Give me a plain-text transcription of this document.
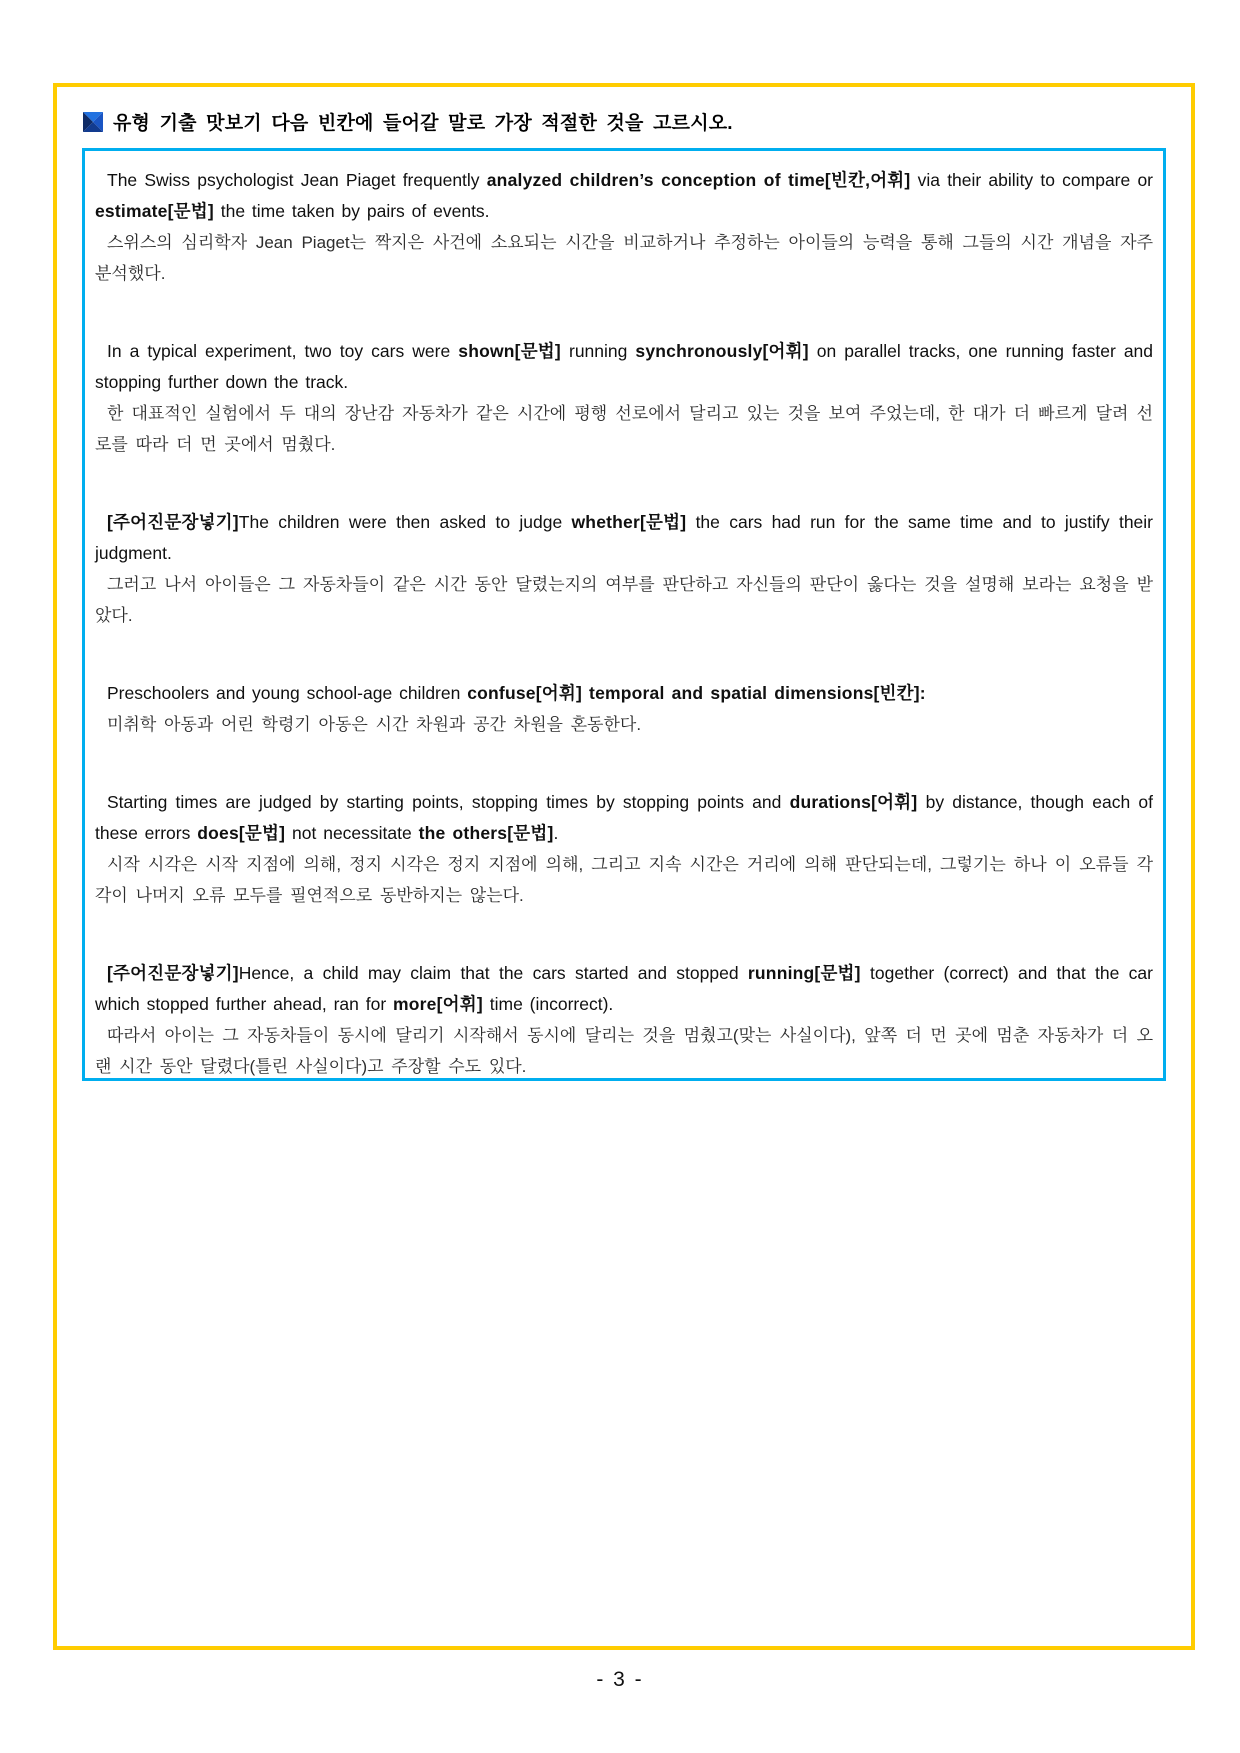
유형 기출 맛보기 다음 빈칸에 들어갈 말로 가장 적절한 것을 고르시오.

The Swiss psychologist Jean Piaget frequently analyzed children’s conception of time[빈칸,어휘] via their ability to compare or estimate[문법] the time taken by pairs of events.

스위스의 심리학자 Jean Piaget는 짝지은 사건에 소요되는 시간을 비교하거나 추정하는 아이들의 능력을 통해 그들의 시간 개념을 자주 분석했다.

In a typical experiment, two toy cars were shown[문법] running synchronously[어휘] on parallel tracks, one running faster and stopping further down the track.

한 대표적인 실험에서 두 대의 장난감 자동차가 같은 시간에 평행 선로에서 달리고 있는 것을 보여 주었는데, 한 대가 더 빠르게 달려 선로를 따라 더 먼 곳에서 멈췄다.

[주어진문장넣기]The children were then asked to judge whether[문법] the cars had run for the same time and to justify their judgment.

그러고 나서 아이들은 그 자동차들이 같은 시간 동안 달렸는지의 여부를 판단하고 자신들의 판단이 옳다는 것을 설명해 보라는 요청을 받았다.

Preschoolers and young school-age children confuse[어휘] temporal and spatial dimensions[빈칸]:

미취학 아동과 어린 학령기 아동은 시간 차원과 공간 차원을 혼동한다.

Starting times are judged by starting points, stopping times by stopping points and durations[어휘] by distance, though each of these errors does[문법] not necessitate the others[문법].

시작 시각은 시작 지점에 의해, 정지 시각은 정지 지점에 의해, 그리고 지속 시간은 거리에 의해 판단되는데, 그렇기는 하나 이 오류들 각각이 나머지 오류 모두를 필연적으로 동반하지는 않는다.

[주어진문장넣기]Hence, a child may claim that the cars started and stopped running[문법] together (correct) and that the car which stopped further ahead, ran for more[어휘] time (incorrect).

따라서 아이는 그 자동차들이 동시에 달리기 시작해서 동시에 달리는 것을 멈췄고(맞는 사실이다), 앞쪽 더 먼 곳에 멈춘 자동차가 더 오랜 시간 동안 달렸다(틀린 사실이다)고 주장할 수도 있다.

- 3 -
